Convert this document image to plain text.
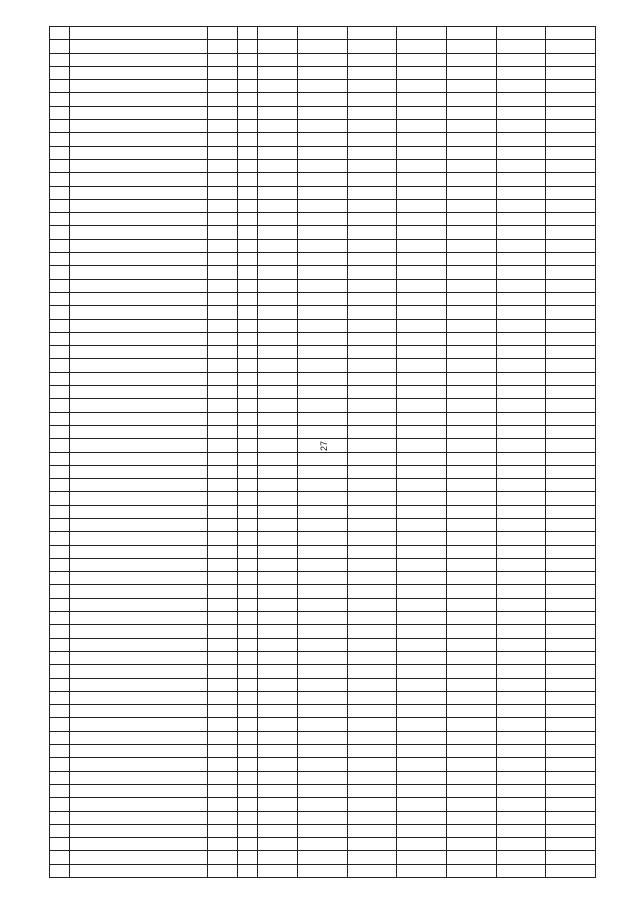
27
